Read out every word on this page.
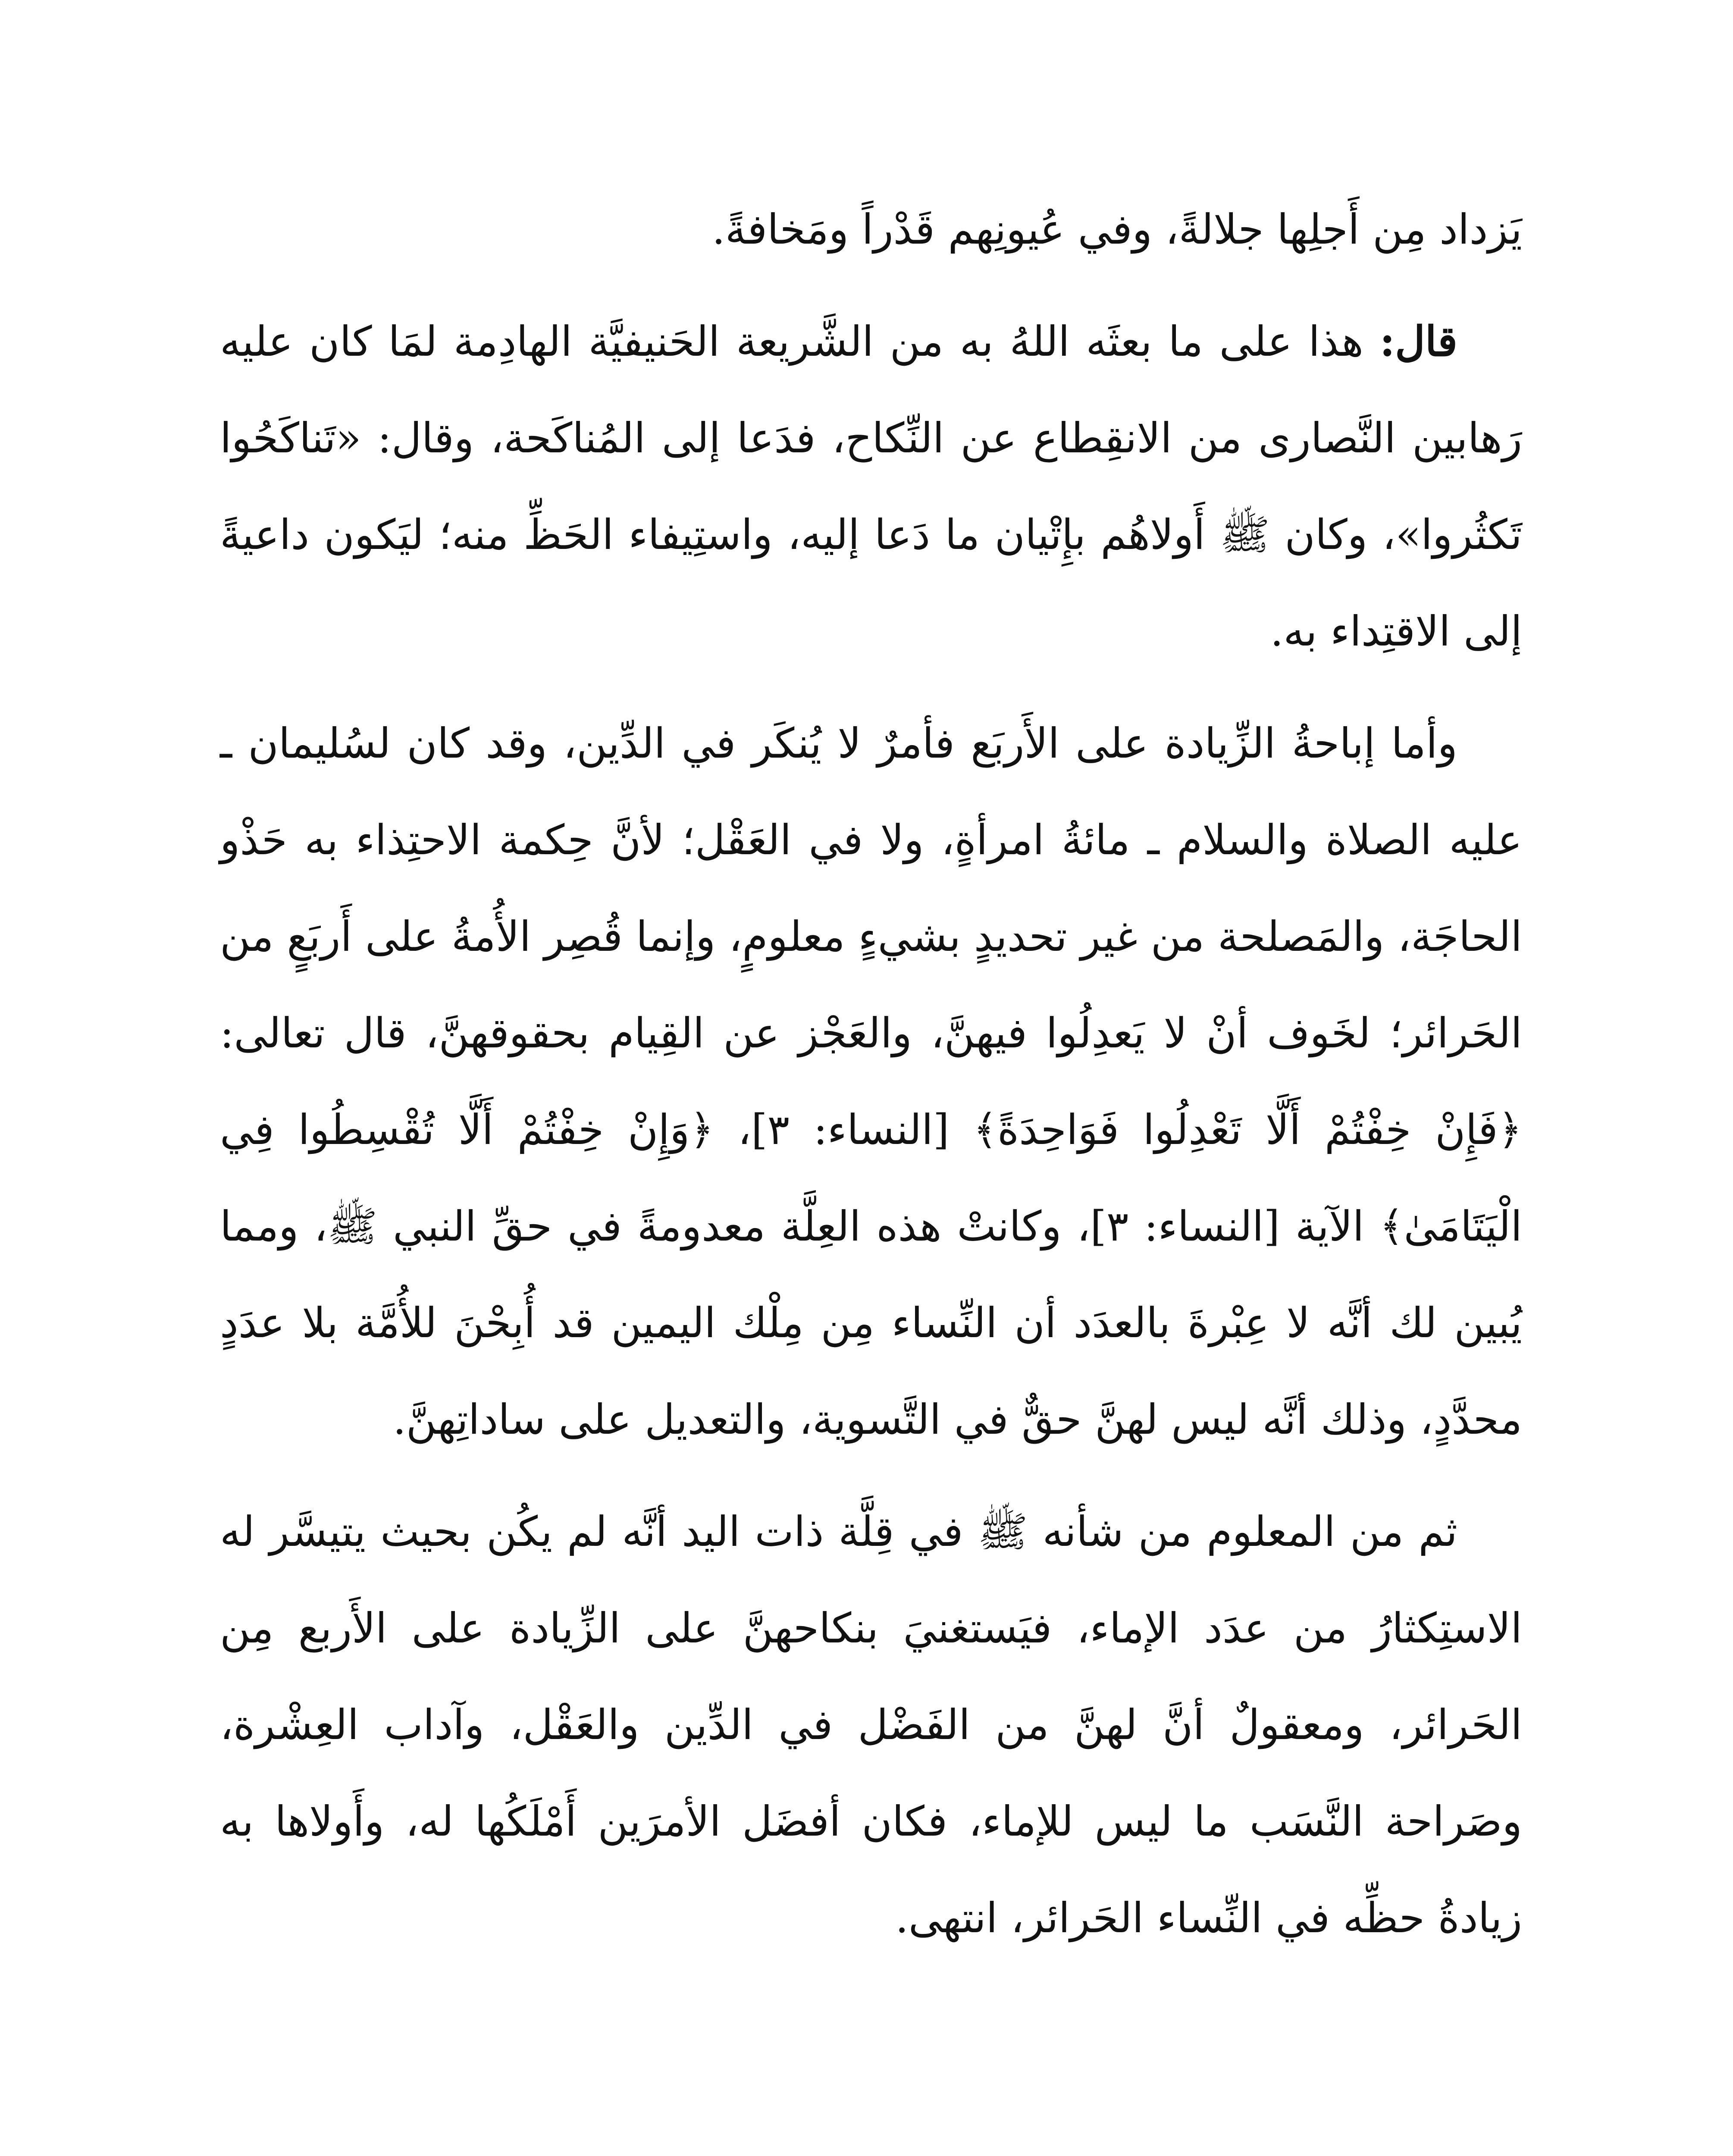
يَزداد مِن أَجلِها جلالةً، وفي عُيونِهم قَدْراً ومَخافةً.

قال: هذا على ما بعثَه اللهُ به من الشَّريعة الحَنيفيَّة الهادِمة لمَا كان عليه رَهابين النَّصارى من الانقِطاع عن النِّكاح، فدَعا إلى المُناكَحة، وقال: «تَناكَحُوا تَكثُروا»، وكان ﷺ أَولاهُم بإِتْيان ما دَعا إليه، واستِيفاء الحَظِّ منه؛ ليَكون داعيةً إلى الاقتِداء به.

وأما إباحةُ الزِّيادة على الأَربَع فأمرٌ لا يُنكَر في الدِّين، وقد كان لسُليمان ـ عليه الصلاة والسلام ـ مائةُ امرأةٍ، ولا في العَقْل؛ لأنَّ حِكمة الاحتِذاء به حَذْو الحاجَة، والمَصلحة من غير تحديدٍ بشيءٍ معلومٍ، وإنما قُصِر الأُمةُ على أَربَعٍ من الحَرائر؛ لخَوف أنْ لا يَعدِلُوا فيهنَّ، والعَجْز عن القِيام بحقوقهنَّ، قال تعالى: ﴿فَإِنْ خِفْتُمْ أَلَّا تَعْدِلُوا فَوَاحِدَةً﴾ [النساء: ٣]، ﴿وَإِنْ خِفْتُمْ أَلَّا تُقْسِطُوا فِي الْيَتَامَىٰ﴾ الآية [النساء: ٣]، وكانتْ هذه العِلَّة معدومةً في حقِّ النبي ﷺ، ومما يُبين لك أنَّه لا عِبْرةَ بالعدَد أن النِّساء مِن مِلْك اليمين قد أُبِحْنَ للأُمَّة بلا عدَدٍ محدَّدٍ، وذلك أنَّه ليس لهنَّ حقٌّ في التَّسوية، والتعديل على ساداتِهنَّ.

ثم من المعلوم من شأنه ﷺ في قِلَّة ذات اليد أنَّه لم يكُن بحيث يتيسَّر له الاستِكثارُ من عدَد الإماء، فيَستغنيَ بنكاحهنَّ على الزِّيادة على الأَربع مِن الحَرائر، ومعقولٌ أنَّ لهنَّ من الفَضْل في الدِّين والعَقْل، وآداب العِشْرة، وصَراحة النَّسَب ما ليس للإماء، فكان أفضَل الأمرَين أَمْلَكُها له، وأَولاها به زيادةُ حظِّه في النِّساء الحَرائر، انتهى.
